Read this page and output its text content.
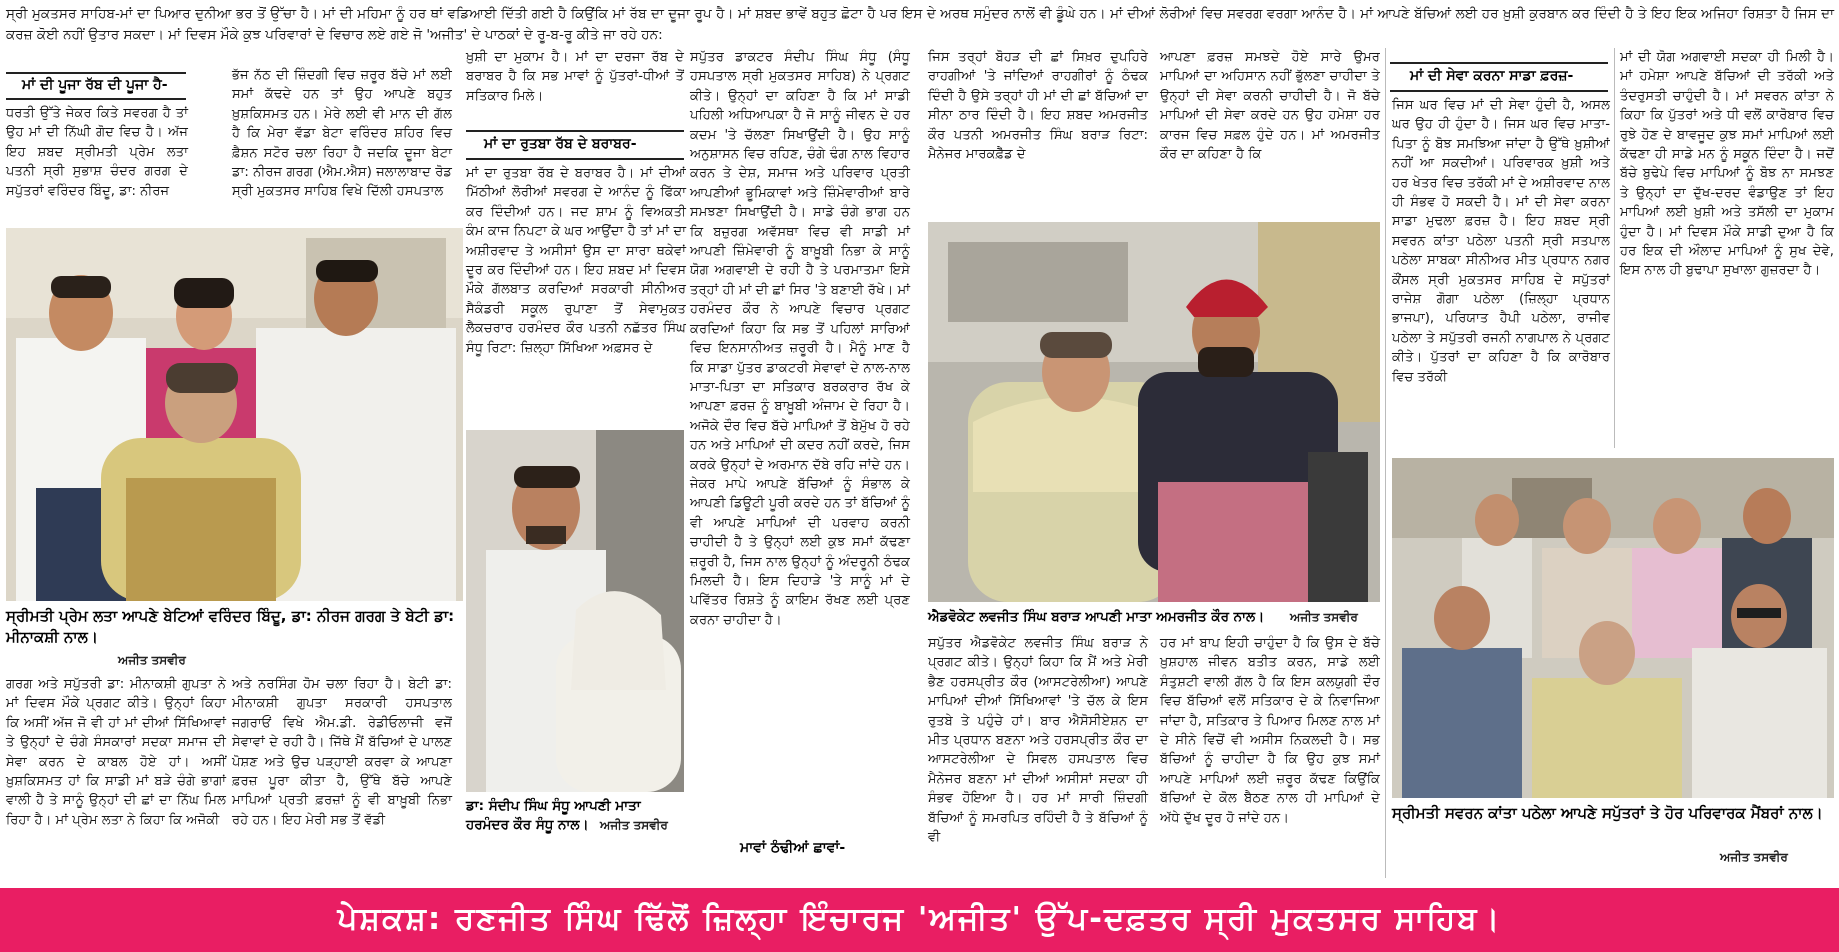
ਸ੍ਰੀ ਮੁਕਤਸਰ ਸਾਹਿਬ-ਮਾਂ ਦਾ ਪਿਆਰ ਦੁਨੀਆ ਭਰ ਤੋਂ ਉੱਚਾ ਹੈ। ਮਾਂ ਦੀ ਮਹਿਮਾ ਨੂੰ ਹਰ ਥਾਂ ਵਡਿਆਈ ਦਿੱਤੀ ਗਈ ਹੈ ਕਿਉਂਕਿ ਮਾਂ ਰੱਬ ਦਾ ਦੂਜਾ ਰੂਪ ਹੈ। ਮਾਂ ਸ਼ਬਦ ਭਾਵੇਂ ਬਹੁਤ ਛੋਟਾ ਹੈ ਪਰ ਇਸ ਦੇ ਅਰਥ ਸਮੁੰਦਰ ਨਾਲੋਂ ਵੀ ਡੂੰਘੇ ਹਨ। ਮਾਂ ਦੀਆਂ ਲੋਰੀਆਂ ਵਿਚ ਸਵਰਗ ਵਰਗਾ ਆਨੰਦ ਹੈ। ਮਾਂ ਆਪਣੇ ਬੱਚਿਆਂ ਲਈ ਹਰ ਖ਼ੁਸ਼ੀ ਕੁਰਬਾਨ ਕਰ ਦਿੰਦੀ ਹੈ ਤੇ ਇਹ ਇਕ ਅਜਿਹਾ ਰਿਸ਼ਤਾ ਹੈ ਜਿਸ ਦਾ ਕਰਜ਼ ਕੋਈ ਨਹੀਂ ਉਤਾਰ ਸਕਦਾ। ਮਾਂ ਦਿਵਸ ਮੌਕੇ ਕੁਝ ਪਰਿਵਾਰਾਂ ਦੇ ਵਿਚਾਰ ਲਏ ਗਏ ਜੋ 'ਅਜੀਤ' ਦੇ ਪਾਠਕਾਂ ਦੇ ਰੂ-ਬ-ਰੂ ਕੀਤੇ ਜਾ ਰਹੇ ਹਨ:
ਮਾਂ ਦੀ ਪੂਜਾ ਰੱਬ ਦੀ ਪੂਜਾ ਹੈ-
ਧਰਤੀ ਉੱਤੇ ਜੇਕਰ ਕਿਤੇ ਸਵਰਗ ਹੈ ਤਾਂ ਉਹ ਮਾਂ ਦੀ ਨਿੱਘੀ ਗੋਦ ਵਿਚ ਹੈ। ਅੱਜ ਇਹ ਸ਼ਬਦ ਸ੍ਰੀਮਤੀ ਪ੍ਰੇਮ ਲਤਾ ਪਤਨੀ ਸ੍ਰੀ ਸੁਭਾਸ਼ ਚੰਦਰ ਗਰਗ ਦੇ ਸਪੁੱਤਰਾਂ ਵਰਿੰਦਰ ਬਿੰਦੂ, ਡਾ: ਨੀਰਜ
ਸ੍ਰੀਮਤੀ ਪ੍ਰੇਮ ਲਤਾ ਆਪਣੇ ਬੇਟਿਆਂ ਵਰਿੰਦਰ ਬਿੰਦੂ, ਡਾ: ਨੀਰਜ ਗਰਗ ਤੇ ਬੇਟੀ ਡਾ: ਮੀਨਾਕਸ਼ੀ ਨਾਲ।
ਅਜੀਤ ਤਸਵੀਰ
ਗਰਗ ਅਤੇ ਸਪੁੱਤਰੀ ਡਾ: ਮੀਨਾਕਸ਼ੀ ਗੁਪਤਾ ਨੇ ਮਾਂ ਦਿਵਸ ਮੌਕੇ ਪ੍ਰਗਟ ਕੀਤੇ। ਉਨ੍ਹਾਂ ਕਿਹਾ ਕਿ ਅਸੀਂ ਅੱਜ ਜੋ ਵੀ ਹਾਂ ਮਾਂ ਦੀਆਂ ਸਿੱਖਿਆਵਾਂ ਤੇ ਉਨ੍ਹਾਂ ਦੇ ਚੰਗੇ ਸੰਸਕਾਰਾਂ ਸਦਕਾ ਸਮਾਜ ਦੀ ਸੇਵਾ ਕਰਨ ਦੇ ਕਾਬਲ ਹੋਏ ਹਾਂ। ਅਸੀਂ ਖ਼ੁਸ਼ਕਿਸਮਤ ਹਾਂ ਕਿ ਸਾਡੀ ਮਾਂ ਬੜੇ ਚੰਗੇ ਭਾਗਾਂ ਵਾਲੀ ਹੈ ਤੇ ਸਾਨੂੰ ਉਨ੍ਹਾਂ ਦੀ ਛਾਂ ਦਾ ਨਿੱਘ ਮਿਲ ਰਿਹਾ ਹੈ। ਮਾਂ ਪ੍ਰੇਮ ਲਤਾ ਨੇ ਕਿਹਾ ਕਿ ਅਜੋਕੀ
ਭੱਜ ਨੱਠ ਦੀ ਜ਼ਿੰਦਗੀ ਵਿਚ ਜ਼ਰੂਰ ਬੱਚੇ ਮਾਂ ਲਈ ਸਮਾਂ ਕੱਢਦੇ ਹਨ ਤਾਂ ਉਹ ਆਪਣੇ ਬਹੁਤ ਖ਼ੁਸ਼ਕਿਸਮਤ ਹਨ। ਮੇਰੇ ਲਈ ਵੀ ਮਾਨ ਦੀ ਗੱਲ ਹੈ ਕਿ ਮੇਰਾ ਵੱਡਾ ਬੇਟਾ ਵਰਿੰਦਰ ਸ਼ਹਿਰ ਵਿਚ ਫ਼ੈਸ਼ਨ ਸਟੋਰ ਚਲਾ ਰਿਹਾ ਹੈ ਜਦਕਿ ਦੂਜਾ ਬੇਟਾ ਡਾ: ਨੀਰਜ ਗਰਗ (ਐਮ.ਐਸ) ਜਲਾਲਾਬਾਦ ਰੋਡ ਸ੍ਰੀ ਮੁਕਤਸਰ ਸਾਹਿਬ ਵਿਖੇ ਦਿੱਲੀ ਹਸਪਤਾਲ
ਅਤੇ ਨਰਸਿੰਗ ਹੋਮ ਚਲਾ ਰਿਹਾ ਹੈ। ਬੇਟੀ ਡਾ: ਮੀਨਾਕਸ਼ੀ ਗੁਪਤਾ ਸਰਕਾਰੀ ਹਸਪਤਾਲ ਜਗਰਾਓਂ ਵਿਖੇ ਐਮ.ਡੀ. ਰੇਡੀਓਲਾਜੀ ਵਜੋਂ ਸੇਵਾਵਾਂ ਦੇ ਰਹੀ ਹੈ। ਜਿੱਥੇ ਮੈਂ ਬੱਚਿਆਂ ਦੇ ਪਾਲਣ ਪੋਸ਼ਣ ਅਤੇ ਉਚ ਪੜ੍ਹਾਈ ਕਰਵਾ ਕੇ ਆਪਣਾ ਫ਼ਰਜ਼ ਪੂਰਾ ਕੀਤਾ ਹੈ, ਉੱਥੇ ਬੱਚੇ ਆਪਣੇ ਮਾਪਿਆਂ ਪ੍ਰਤੀ ਫ਼ਰਜ਼ਾਂ ਨੂੰ ਵੀ ਬਾਖ਼ੂਬੀ ਨਿਭਾ ਰਹੇ ਹਨ। ਇਹ ਮੇਰੀ ਸਭ ਤੋਂ ਵੱਡੀ
ਖ਼ੁਸ਼ੀ ਦਾ ਮੁਕਾਮ ਹੈ। ਮਾਂ ਦਾ ਦਰਜਾ ਰੱਬ ਦੇ ਬਰਾਬਰ ਹੈ ਕਿ ਸਭ ਮਾਵਾਂ ਨੂੰ ਪੁੱਤਰਾਂ-ਧੀਆਂ ਤੋਂ ਸਤਿਕਾਰ ਮਿਲੇ।
ਮਾਂ ਦਾ ਰੁਤਬਾ ਰੱਬ ਦੇ ਬਰਾਬਰ-
ਮਾਂ ਦਾ ਰੁਤਬਾ ਰੱਬ ਦੇ ਬਰਾਬਰ ਹੈ। ਮਾਂ ਦੀਆਂ ਮਿੱਠੀਆਂ ਲੋਰੀਆਂ ਸਵਰਗ ਦੇ ਆਨੰਦ ਨੂੰ ਫਿੱਕਾ ਕਰ ਦਿੰਦੀਆਂ ਹਨ। ਜਦ ਸ਼ਾਮ ਨੂੰ ਵਿਅਕਤੀ ਕੰਮ ਕਾਜ ਨਿਪਟਾ ਕੇ ਘਰ ਆਉਂਦਾ ਹੈ ਤਾਂ ਮਾਂ ਦਾ ਅਸ਼ੀਰਵਾਦ ਤੇ ਅਸੀਸਾਂ ਉਸ ਦਾ ਸਾਰਾ ਥਕੇਵਾਂ ਦੂਰ ਕਰ ਦਿੰਦੀਆਂ ਹਨ। ਇਹ ਸ਼ਬਦ ਮਾਂ ਦਿਵਸ ਮੌਕੇ ਗੱਲਬਾਤ ਕਰਦਿਆਂ ਸਰਕਾਰੀ ਸੀਨੀਅਰ ਸੈਕੰਡਰੀ ਸਕੂਲ ਰੁਪਾਣਾ ਤੋਂ ਸੇਵਾਮੁਕਤ ਲੈਕਚਰਾਰ ਹਰਮੰਦਰ ਕੌਰ ਪਤਨੀ ਨਛੱਤਰ ਸਿੰਘ ਸੰਧੂ ਰਿਟਾ: ਜ਼ਿਲ੍ਹਾ ਸਿੱਖਿਆ ਅਫ਼ਸਰ ਦੇ
ਡਾ: ਸੰਦੀਪ ਸਿੰਘ ਸੰਧੂ ਆਪਣੀ ਮਾਤਾ ਹਰਮੰਦਰ ਕੌਰ ਸੰਧੂ ਨਾਲ। ਅਜੀਤ ਤਸਵੀਰ
ਸਪੁੱਤਰ ਡਾਕਟਰ ਸੰਦੀਪ ਸਿੰਘ ਸੰਧੂ (ਸੰਧੂ ਹਸਪਤਾਲ ਸ੍ਰੀ ਮੁਕਤਸਰ ਸਾਹਿਬ) ਨੇ ਪ੍ਰਗਟ ਕੀਤੇ। ਉਨ੍ਹਾਂ ਦਾ ਕਹਿਣਾ ਹੈ ਕਿ ਮਾਂ ਸਾਡੀ ਪਹਿਲੀ ਅਧਿਆਪਕਾ ਹੈ ਜੋ ਸਾਨੂੰ ਜੀਵਨ ਦੇ ਹਰ ਕਦਮ 'ਤੇ ਚੱਲਣਾ ਸਿਖਾਉਂਦੀ ਹੈ। ਉਹ ਸਾਨੂੰ ਅਨੁਸ਼ਾਸਨ ਵਿਚ ਰਹਿਣ, ਚੰਗੇ ਢੰਗ ਨਾਲ ਵਿਹਾਰ ਕਰਨ ਤੇ ਦੇਸ਼, ਸਮਾਜ ਅਤੇ ਪਰਿਵਾਰ ਪ੍ਰਤੀ ਆਪਣੀਆਂ ਭੂਮਿਕਾਵਾਂ ਅਤੇ ਜ਼ਿੰਮੇਵਾਰੀਆਂ ਬਾਰੇ ਸਮਝਣਾ ਸਿਖਾਉਂਦੀ ਹੈ। ਸਾਡੇ ਚੰਗੇ ਭਾਗ ਹਨ ਕਿ ਬਜ਼ੁਰਗ ਅਵੱਸਥਾ ਵਿਚ ਵੀ ਸਾਡੀ ਮਾਂ ਆਪਣੀ ਜ਼ਿੰਮੇਵਾਰੀ ਨੂੰ ਬਾਖ਼ੂਬੀ ਨਿਭਾ ਕੇ ਸਾਨੂੰ ਯੋਗ ਅਗਵਾਈ ਦੇ ਰਹੀ ਹੈ ਤੇ ਪਰਮਾਤਮਾ ਇਸੇ ਤਰ੍ਹਾਂ ਹੀ ਮਾਂ ਦੀ ਛਾਂ ਸਿਰ 'ਤੇ ਬਣਾਈ ਰੱਖੇ। ਮਾਂ ਹਰਮੰਦਰ ਕੌਰ ਨੇ ਆਪਣੇ ਵਿਚਾਰ ਪ੍ਰਗਟ ਕਰਦਿਆਂ ਕਿਹਾ ਕਿ ਸਭ ਤੋਂ ਪਹਿਲਾਂ ਸਾਰਿਆਂ ਵਿਚ ਇਨਸਾਨੀਅਤ ਜ਼ਰੂਰੀ ਹੈ। ਮੈਨੂੰ ਮਾਣ ਹੈ ਕਿ ਸਾਡਾ ਪੁੱਤਰ ਡਾਕਟਰੀ ਸੇਵਾਵਾਂ ਦੇ ਨਾਲ-ਨਾਲ ਮਾਤਾ-ਪਿਤਾ ਦਾ ਸਤਿਕਾਰ ਬਰਕਰਾਰ ਰੱਖ ਕੇ ਆਪਣਾ ਫ਼ਰਜ਼ ਨੂੰ ਬਾਖ਼ੂਬੀ ਅੰਜਾਮ ਦੇ ਰਿਹਾ ਹੈ। ਅਜੋਕੇ ਦੌਰ ਵਿਚ ਬੱਚੇ ਮਾਪਿਆਂ ਤੋਂ ਬੇਮੁੱਖ ਹੋ ਰਹੇ ਹਨ ਅਤੇ ਮਾਪਿਆਂ ਦੀ ਕਦਰ ਨਹੀਂ ਕਰਦੇ, ਜਿਸ ਕਰਕੇ ਉਨ੍ਹਾਂ ਦੇ ਅਰਮਾਨ ਦੱਬੇ ਰਹਿ ਜਾਂਦੇ ਹਨ। ਜੇਕਰ ਮਾਪੇ ਆਪਣੇ ਬੱਚਿਆਂ ਨੂੰ ਸੰਭਾਲ ਕੇ ਆਪਣੀ ਡਿਊਟੀ ਪੂਰੀ ਕਰਦੇ ਹਨ ਤਾਂ ਬੱਚਿਆਂ ਨੂੰ ਵੀ ਆਪਣੇ ਮਾਪਿਆਂ ਦੀ ਪਰਵਾਹ ਕਰਨੀ ਚਾਹੀਦੀ ਹੈ ਤੇ ਉਨ੍ਹਾਂ ਲਈ ਕੁਝ ਸਮਾਂ ਕੱਢਣਾ ਜ਼ਰੂਰੀ ਹੈ, ਜਿਸ ਨਾਲ ਉਨ੍ਹਾਂ ਨੂੰ ਅੰਦਰੂਨੀ ਠੰਢਕ ਮਿਲਦੀ ਹੈ। ਇਸ ਦਿਹਾੜੇ 'ਤੇ ਸਾਨੂੰ ਮਾਂ ਦੇ ਪਵਿੱਤਰ ਰਿਸ਼ਤੇ ਨੂੰ ਕਾਇਮ ਰੱਖਣ ਲਈ ਪ੍ਰਣ ਕਰਨਾ ਚਾਹੀਦਾ ਹੈ।
ਮਾਵਾਂ ਠੰਢੀਆਂ ਛਾਵਾਂ-
ਜਿਸ ਤਰ੍ਹਾਂ ਬੋਹੜ ਦੀ ਛਾਂ ਸਿਖ਼ਰ ਦੁਪਹਿਰੇ ਰਾਹਗੀਆਂ 'ਤੇ ਜਾਂਦਿਆਂ ਰਾਹਗੀਰਾਂ ਨੂੰ ਠੰਢਕ ਦਿੰਦੀ ਹੈ ਉਸੇ ਤਰ੍ਹਾਂ ਹੀ ਮਾਂ ਦੀ ਛਾਂ ਬੱਚਿਆਂ ਦਾ ਸੀਨਾ ਠਾਰ ਦਿੰਦੀ ਹੈ। ਇਹ ਸ਼ਬਦ ਅਮਰਜੀਤ ਕੌਰ ਪਤਨੀ ਅਮਰਜੀਤ ਸਿੰਘ ਬਰਾੜ ਰਿਟਾ: ਮੈਨੇਜਰ ਮਾਰਕਫ਼ੈੱਡ ਦੇ
ਆਪਣਾ ਫ਼ਰਜ਼ ਸਮਝਦੇ ਹੋਏ ਸਾਰੇ ਉਮਰ ਮਾਪਿਆਂ ਦਾ ਅਹਿਸਾਨ ਨਹੀਂ ਭੁੱਲਣਾ ਚਾਹੀਦਾ ਤੇ ਉਨ੍ਹਾਂ ਦੀ ਸੇਵਾ ਕਰਨੀ ਚਾਹੀਦੀ ਹੈ। ਜੋ ਬੱਚੇ ਮਾਪਿਆਂ ਦੀ ਸੇਵਾ ਕਰਦੇ ਹਨ ਉਹ ਹਮੇਸ਼ਾ ਹਰ ਕਾਰਜ ਵਿਚ ਸਫ਼ਲ ਹੁੰਦੇ ਹਨ। ਮਾਂ ਅਮਰਜੀਤ ਕੌਰ ਦਾ ਕਹਿਣਾ ਹੈ ਕਿ
ਐਡਵੋਕੇਟ ਲਵਜੀਤ ਸਿੰਘ ਬਰਾੜ ਆਪਣੀ ਮਾਤਾ ਅਮਰਜੀਤ ਕੌਰ ਨਾਲ।	ਅਜੀਤ ਤਸਵੀਰ
ਸਪੁੱਤਰ ਐਡਵੋਕੇਟ ਲਵਜੀਤ ਸਿੰਘ ਬਰਾੜ ਨੇ ਪ੍ਰਗਟ ਕੀਤੇ। ਉਨ੍ਹਾਂ ਕਿਹਾ ਕਿ ਮੈਂ ਅਤੇ ਮੇਰੀ ਭੈਣ ਹਰਸਪ੍ਰੀਤ ਕੌਰ (ਆਸਟਰੇਲੀਆ) ਆਪਣੇ ਮਾਪਿਆਂ ਦੀਆਂ ਸਿੱਖਿਆਵਾਂ 'ਤੇ ਚੱਲ ਕੇ ਇਸ ਰੁਤਬੇ ਤੇ ਪਹੁੰਚੇ ਹਾਂ। ਬਾਰ ਐਸੋਸੀਏਸ਼ਨ ਦਾ ਮੀਤ ਪ੍ਰਧਾਨ ਬਣਨਾ ਅਤੇ ਹਰਸਪ੍ਰੀਤ ਕੌਰ ਦਾ ਆਸਟਰੇਲੀਆ ਦੇ ਸਿਵਲ ਹਸਪਤਾਲ ਵਿਚ ਮੈਨੇਜਰ ਬਣਨਾ ਮਾਂ ਦੀਆਂ ਅਸੀਸਾਂ ਸਦਕਾ ਹੀ ਸੰਭਵ ਹੋਇਆ ਹੈ। ਹਰ ਮਾਂ ਸਾਰੀ ਜ਼ਿੰਦਗੀ ਬੱਚਿਆਂ ਨੂੰ ਸਮਰਪਿਤ ਰਹਿੰਦੀ ਹੈ ਤੇ ਬੱਚਿਆਂ ਨੂੰ ਵੀ
ਹਰ ਮਾਂ ਬਾਪ ਇਹੀ ਚਾਹੁੰਦਾ ਹੈ ਕਿ ਉਸ ਦੇ ਬੱਚੇ ਖ਼ੁਸ਼ਹਾਲ ਜੀਵਨ ਬਤੀਤ ਕਰਨ, ਸਾਡੇ ਲਈ ਸੰਤੁਸ਼ਟੀ ਵਾਲੀ ਗੱਲ ਹੈ ਕਿ ਇਸ ਕਲਯੁਗੀ ਦੌਰ ਵਿਚ ਬੱਚਿਆਂ ਵਲੋਂ ਸਤਿਕਾਰ ਦੇ ਕੇ ਨਿਵਾਜਿਆ ਜਾਂਦਾ ਹੈ, ਸਤਿਕਾਰ ਤੇ ਪਿਆਰ ਮਿਲਣ ਨਾਲ ਮਾਂ ਦੇ ਸੀਨੇ ਵਿਚੋਂ ਵੀ ਅਸੀਸ ਨਿਕਲਦੀ ਹੈ। ਸਭ ਬੱਚਿਆਂ ਨੂੰ ਚਾਹੀਦਾ ਹੈ ਕਿ ਉਹ ਕੁਝ ਸਮਾਂ ਆਪਣੇ ਮਾਪਿਆਂ ਲਈ ਜ਼ਰੂਰ ਕੱਢਣ ਕਿਉਂਕਿ ਬੱਚਿਆਂ ਦੇ ਕੋਲ ਬੈਠਣ ਨਾਲ ਹੀ ਮਾਪਿਆਂ ਦੇ ਅੱਧੇ ਦੁੱਖ ਦੂਰ ਹੋ ਜਾਂਦੇ ਹਨ।
ਮਾਂ ਦੀ ਸੇਵਾ ਕਰਨਾ ਸਾਡਾ ਫ਼ਰਜ਼-
ਜਿਸ ਘਰ ਵਿਚ ਮਾਂ ਦੀ ਸੇਵਾ ਹੁੰਦੀ ਹੈ, ਅਸਲ ਘਰ ਉਹ ਹੀ ਹੁੰਦਾ ਹੈ। ਜਿਸ ਘਰ ਵਿਚ ਮਾਤਾ-ਪਿਤਾ ਨੂੰ ਬੋਝ ਸਮਝਿਆ ਜਾਂਦਾ ਹੈ ਉੱਥੇ ਖ਼ੁਸ਼ੀਆਂ ਨਹੀਂ ਆ ਸਕਦੀਆਂ। ਪਰਿਵਾਰਕ ਖ਼ੁਸ਼ੀ ਅਤੇ ਹਰ ਖੇਤਰ ਵਿਚ ਤਰੱਕੀ ਮਾਂ ਦੇ ਅਸ਼ੀਰਵਾਦ ਨਾਲ ਹੀ ਸੰਭਵ ਹੋ ਸਕਦੀ ਹੈ। ਮਾਂ ਦੀ ਸੇਵਾ ਕਰਨਾ ਸਾਡਾ ਮੁਢਲਾ ਫ਼ਰਜ਼ ਹੈ। ਇਹ ਸ਼ਬਦ ਸ੍ਰੀ ਸਵਰਨ ਕਾਂਤਾ ਪਠੇਲਾ ਪਤਨੀ ਸ੍ਰੀ ਸਤਪਾਲ ਪਠੇਲਾ ਸਾਬਕਾ ਸੀਨੀਅਰ ਮੀਤ ਪ੍ਰਧਾਨ ਨਗਰ ਕੌਂਸਲ ਸ੍ਰੀ ਮੁਕਤਸਰ ਸਾਹਿਬ ਦੇ ਸਪੁੱਤਰਾਂ ਰਾਜੇਸ਼ ਗੋਗਾ ਪਠੇਲਾ (ਜ਼ਿਲ੍ਹਾ ਪ੍ਰਧਾਨ ਭਾਜਪਾ), ਪਰਿਯਾਤ ਹੈਪੀ ਪਠੇਲਾ, ਰਾਜੀਵ ਪਠੇਲਾ ਤੇ ਸਪੁੱਤਰੀ ਰਜਨੀ ਨਾਗਪਾਲ ਨੇ ਪ੍ਰਗਟ ਕੀਤੇ। ਪੁੱਤਰਾਂ ਦਾ ਕਹਿਣਾ ਹੈ ਕਿ ਕਾਰੋਬਾਰ ਵਿਚ ਤਰੱਕੀ
ਮਾਂ ਦੀ ਯੋਗ ਅਗਵਾਈ ਸਦਕਾ ਹੀ ਮਿਲੀ ਹੈ। ਮਾਂ ਹਮੇਸ਼ਾ ਆਪਣੇ ਬੱਚਿਆਂ ਦੀ ਤਰੱਕੀ ਅਤੇ ਤੰਦਰੁਸਤੀ ਚਾਹੁੰਦੀ ਹੈ। ਮਾਂ ਸਵਰਨ ਕਾਂਤਾ ਨੇ ਕਿਹਾ ਕਿ ਪੁੱਤਰਾਂ ਅਤੇ ਧੀ ਵਲੋਂ ਕਾਰੋਬਾਰ ਵਿਚ ਰੁਝੇ ਹੋਣ ਦੇ ਬਾਵਜੂਦ ਕੁਝ ਸਮਾਂ ਮਾਪਿਆਂ ਲਈ ਕੱਢਣਾ ਹੀ ਸਾਡੇ ਮਨ ਨੂੰ ਸਕੂਨ ਦਿੰਦਾ ਹੈ। ਜਦੋਂ ਬੱਚੇ ਬੁਢੇਪੇ ਵਿਚ ਮਾਪਿਆਂ ਨੂੰ ਬੋਝ ਨਾ ਸਮਝਣ ਤੇ ਉਨ੍ਹਾਂ ਦਾ ਦੁੱਖ-ਦਰਦ ਵੰਡਾਉਣ ਤਾਂ ਇਹ ਮਾਪਿਆਂ ਲਈ ਖ਼ੁਸ਼ੀ ਅਤੇ ਤਸੱਲੀ ਦਾ ਮੁਕਾਮ ਹੁੰਦਾ ਹੈ। ਮਾਂ ਦਿਵਸ ਮੌਕੇ ਸਾਡੀ ਦੁਆ ਹੈ ਕਿ ਹਰ ਇਕ ਦੀ ਔਲਾਦ ਮਾਪਿਆਂ ਨੂੰ ਸੁਖ ਦੇਵੇ, ਇਸ ਨਾਲ ਹੀ ਬੁਢਾਪਾ ਸੁਖਾਲਾ ਗੁਜ਼ਰਦਾ ਹੈ।
ਸ੍ਰੀਮਤੀ ਸਵਰਨ ਕਾਂਤਾ ਪਠੇਲਾ ਆਪਣੇ ਸਪੁੱਤਰਾਂ ਤੇ ਹੋਰ ਪਰਿਵਾਰਕ ਮੈਂਬਰਾਂ ਨਾਲ।
ਅਜੀਤ ਤਸਵੀਰ
ਪੇਸ਼ਕਸ਼: ਰਣਜੀਤ ਸਿੰਘ ਢਿੱਲੋਂ ਜ਼ਿਲ੍ਹਾ ਇੰਚਾਰਜ 'ਅਜੀਤ' ਉੱਪ-ਦਫ਼ਤਰ ਸ੍ਰੀ ਮੁਕਤਸਰ ਸਾਹਿਬ।
